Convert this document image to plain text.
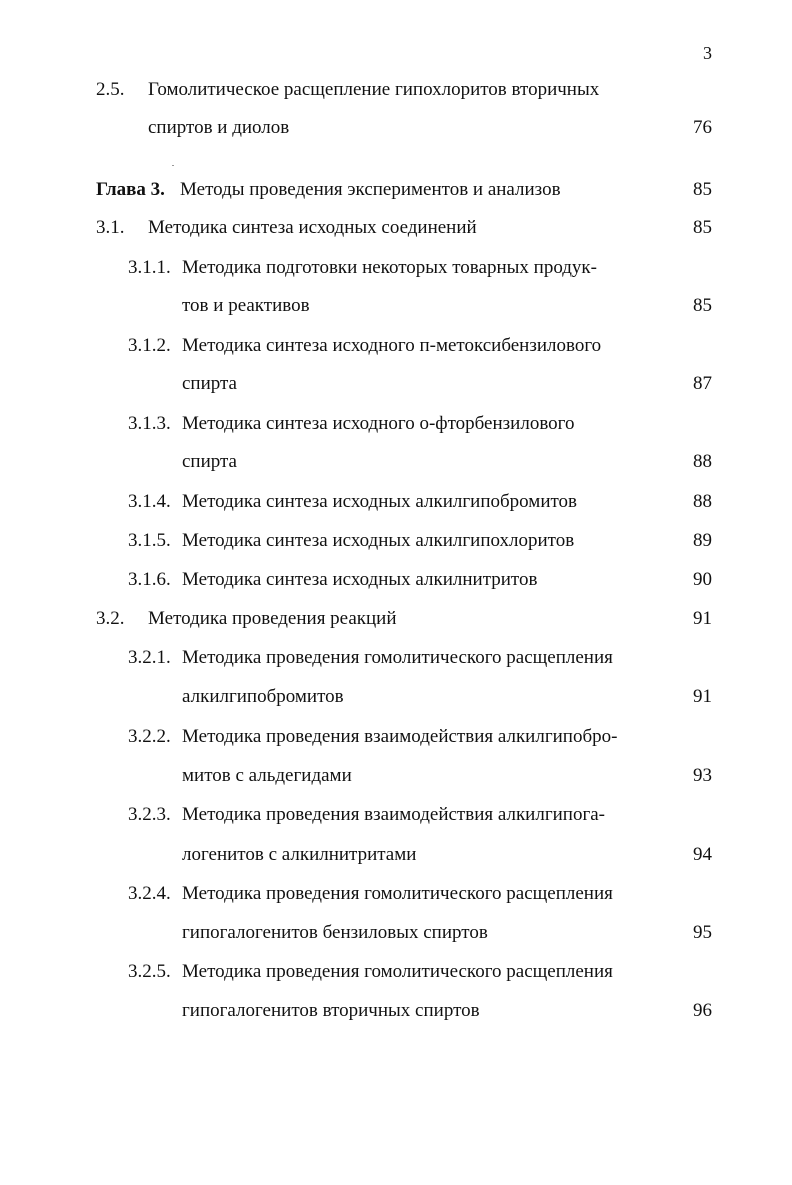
3
2.5. Гомолитическое расщепление гипохлоритов вторичных
спиртов и диолов	76
Глава 3. Методы проведения экспериментов и анализов	85
3.1. Методика синтеза исходных соединений	85
3.1.1. Методика подготовки некоторых товарных продук-
тов и реактивов	85
3.1.2. Методика синтеза исходного п-метоксибензилового
спирта	87
3.1.3. Методика синтеза исходного о-фторбензилового
спирта	88
3.1.4. Методика синтеза исходных алкилгипобромитов	88
3.1.5. Методика синтеза исходных алкилгипохлоритов	89
3.1.6. Методика синтеза исходных алкилнитритов	90
3.2. Методика проведения реакций	91
3.2.1. Методика проведения гомолитического расщепления
алкилгипобромитов	91
3.2.2. Методика проведения взаимодействия алкилгипобро-
митов с альдегидами	93
3.2.3. Методика проведения взаимодействия алкилгипога-
логенитов с алкилнитритами	94
3.2.4. Методика проведения гомолитического расщепления
гипогалогенитов бензиловых спиртов	95
3.2.5. Методика проведения гомолитического расщепления
гипогалогенитов вторичных спиртов	96
